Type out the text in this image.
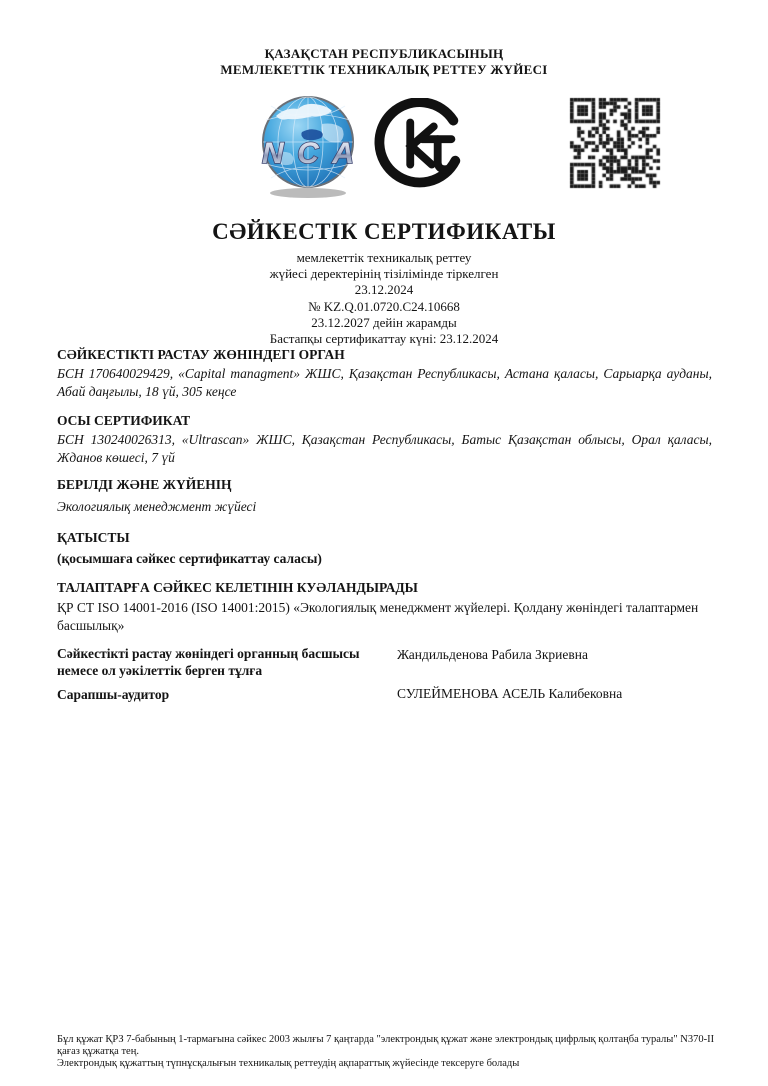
ҚАЗАҚСТАН РЕСПУБЛИКАСЫНЫҢ
МЕМЛЕКЕТТІК ТЕХНИКАЛЫҚ РЕТТЕУ ЖҮЙЕСІ
NCA
СӘЙКЕСТІК СЕРТИФИКАТЫ
мемлекеттік техникалық реттеу
жүйесі деректерінің тізілімінде тіркелген
23.12.2024
№ KZ.Q.01.0720.C24.10668
23.12.2027 дейін жарамды
Бастапқы сертификаттау күні: 23.12.2024
СӘЙКЕСТІКТІ РАСТАУ ЖӨНІНДЕГІ ОРГАН
БСН 170640029429, «Capital managment» ЖШС, Қазақстан Республикасы, Астана қаласы, Сарыарқа ауданы, Абай даңғылы, 18 үй, 305 кеңсе
ОСЫ СЕРТИФИКАТ
БСН 130240026313, «Ultrascan» ЖШС, Қазақстан Республикасы, Батыс Қазақстан облысы, Орал қаласы, Жданов көшесі, 7 үй
БЕРІЛДІ ЖӘНЕ ЖҮЙЕНІҢ
Экологиялық менеджмент жүйесі
ҚАТЫСТЫ
(қосымшаға сәйкес сертификаттау саласы)
ТАЛАПТАРҒА СӘЙКЕС КЕЛЕТІНІН КУӘЛАНДЫРАДЫ
ҚР СТ ISO 14001-2016 (ISO 14001:2015) «Экологиялық менеджмент жүйелері. Қолдану жөніндегі талаптармен басшылық»
Сәйкестікті растау жөніндегі органның басшысы немесе ол уәкілеттік берген тұлға
Жандильденова Рабила Зкриевна
Сарапшы-аудитор	СУЛЕЙМЕНОВА АСЕЛЬ Калибековна
Бұл құжат ҚРЗ 7-бабының 1-тармағына сәйкес 2003 жылғы 7 қаңтарда "электрондық құжат және электрондық цифрлық қолтаңба туралы" N370-II қағаз құжатқа тең.
Электрондық құжаттың түпнұсқалығын техникалық реттеудің ақпараттық жүйесінде тексеруге болады
